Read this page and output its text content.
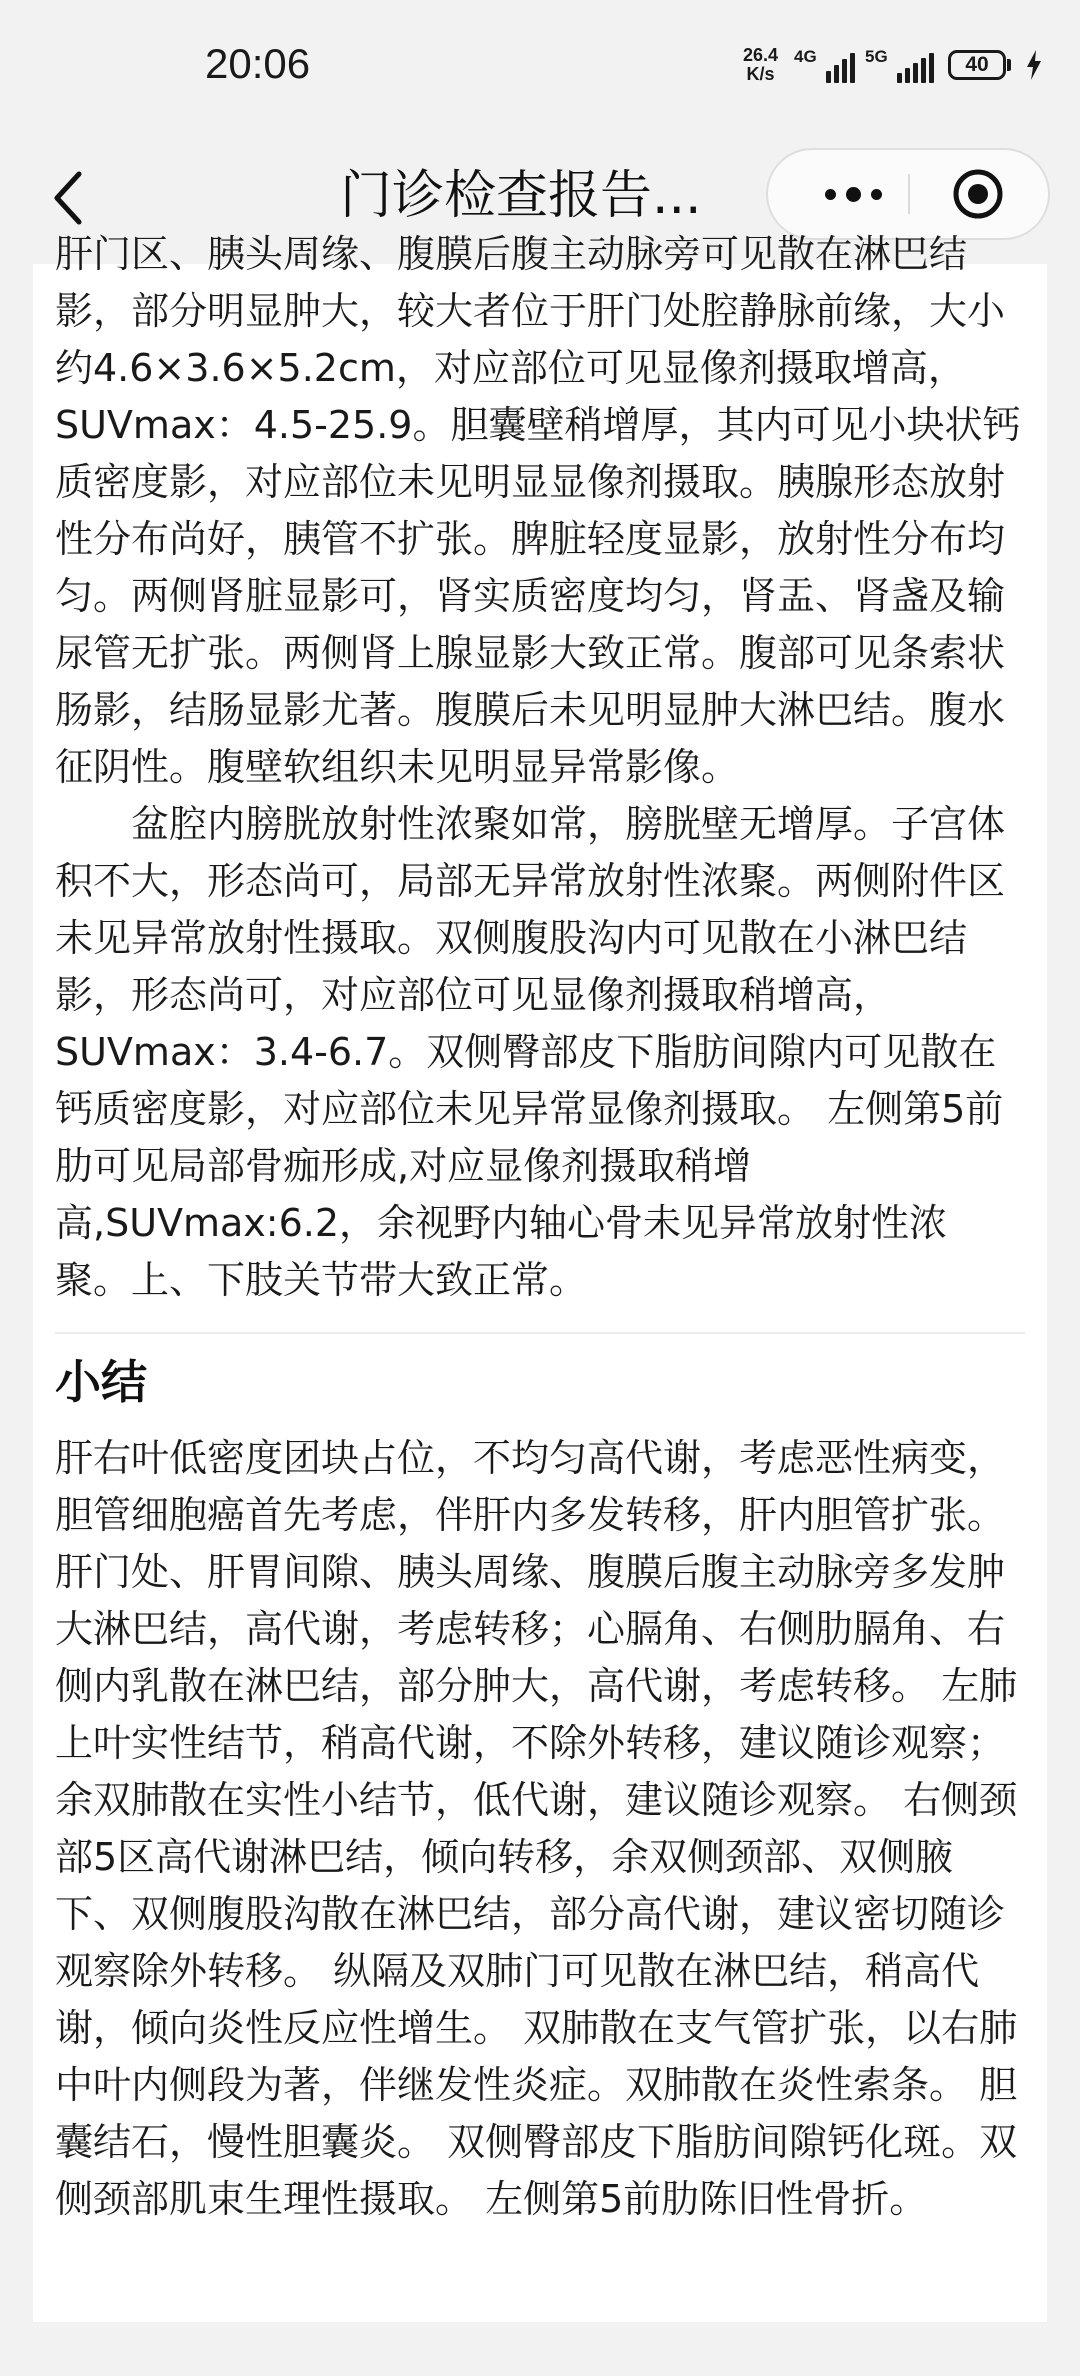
20:06	26.4
K/s
4G	5G	40
门诊检查报告...

肝门区、胰头周缘、腹膜后腹主动脉旁可见散在淋巴结影，部分明显肿大，较大者位于肝门处腔静脉前缘，大小约4.6×3.6×5.2cm，对应部位可见显像剂摄取增高，SUVmax：4.5-25.9。胆囊壁稍增厚，其内可见小块状钙质密度影，对应部位未见明显显像剂摄取。胰腺形态放射性分布尚好，胰管不扩张。脾脏轻度显影，放射性分布均匀。两侧肾脏显影可，肾实质密度均匀，肾盂、肾盏及输尿管无扩张。两侧肾上腺显影大致正常。腹部可见条索状肠影，结肠显影尤著。腹膜后未见明显肿大淋巴结。腹水征阴性。腹壁软组织未见明显异常影像。

盆腔内膀胱放射性浓聚如常，膀胱壁无增厚。子宫体积不大，形态尚可，局部无异常放射性浓聚。两侧附件区未见异常放射性摄取。双侧腹股沟内可见散在小淋巴结影，形态尚可，对应部位可见显像剂摄取稍增高，SUVmax：3.4-6.7。双侧臀部皮下脂肪间隙内可见散在钙质密度影，对应部位未见异常显像剂摄取。 左侧第5前肋可见局部骨痂形成,对应显像剂摄取稍增高,SUVmax:6.2，余视野内轴心骨未见异常放射性浓聚。上、下肢关节带大致正常。

小结

肝右叶低密度团块占位，不均匀高代谢，考虑恶性病变，胆管细胞癌首先考虑，伴肝内多发转移，肝内胆管扩张。 肝门处、肝胃间隙、胰头周缘、腹膜后腹主动脉旁多发肿大淋巴结，高代谢，考虑转移；心膈角、右侧肋膈角、右侧内乳散在淋巴结，部分肿大，高代谢，考虑转移。 左肺上叶实性结节，稍高代谢，不除外转移，建议随诊观察；余双肺散在实性小结节，低代谢，建议随诊观察。 右侧颈部5区高代谢淋巴结，倾向转移，余双侧颈部、双侧腋下、双侧腹股沟散在淋巴结，部分高代谢，建议密切随诊观察除外转移。 纵隔及双肺门可见散在淋巴结，稍高代谢，倾向炎性反应性增生。 双肺散在支气管扩张，以右肺中叶内侧段为著，伴继发性炎症。双肺散在炎性索条。 胆囊结石，慢性胆囊炎。 双侧臀部皮下脂肪间隙钙化斑。双侧颈部肌束生理性摄取。 左侧第5前肋陈旧性骨折。
